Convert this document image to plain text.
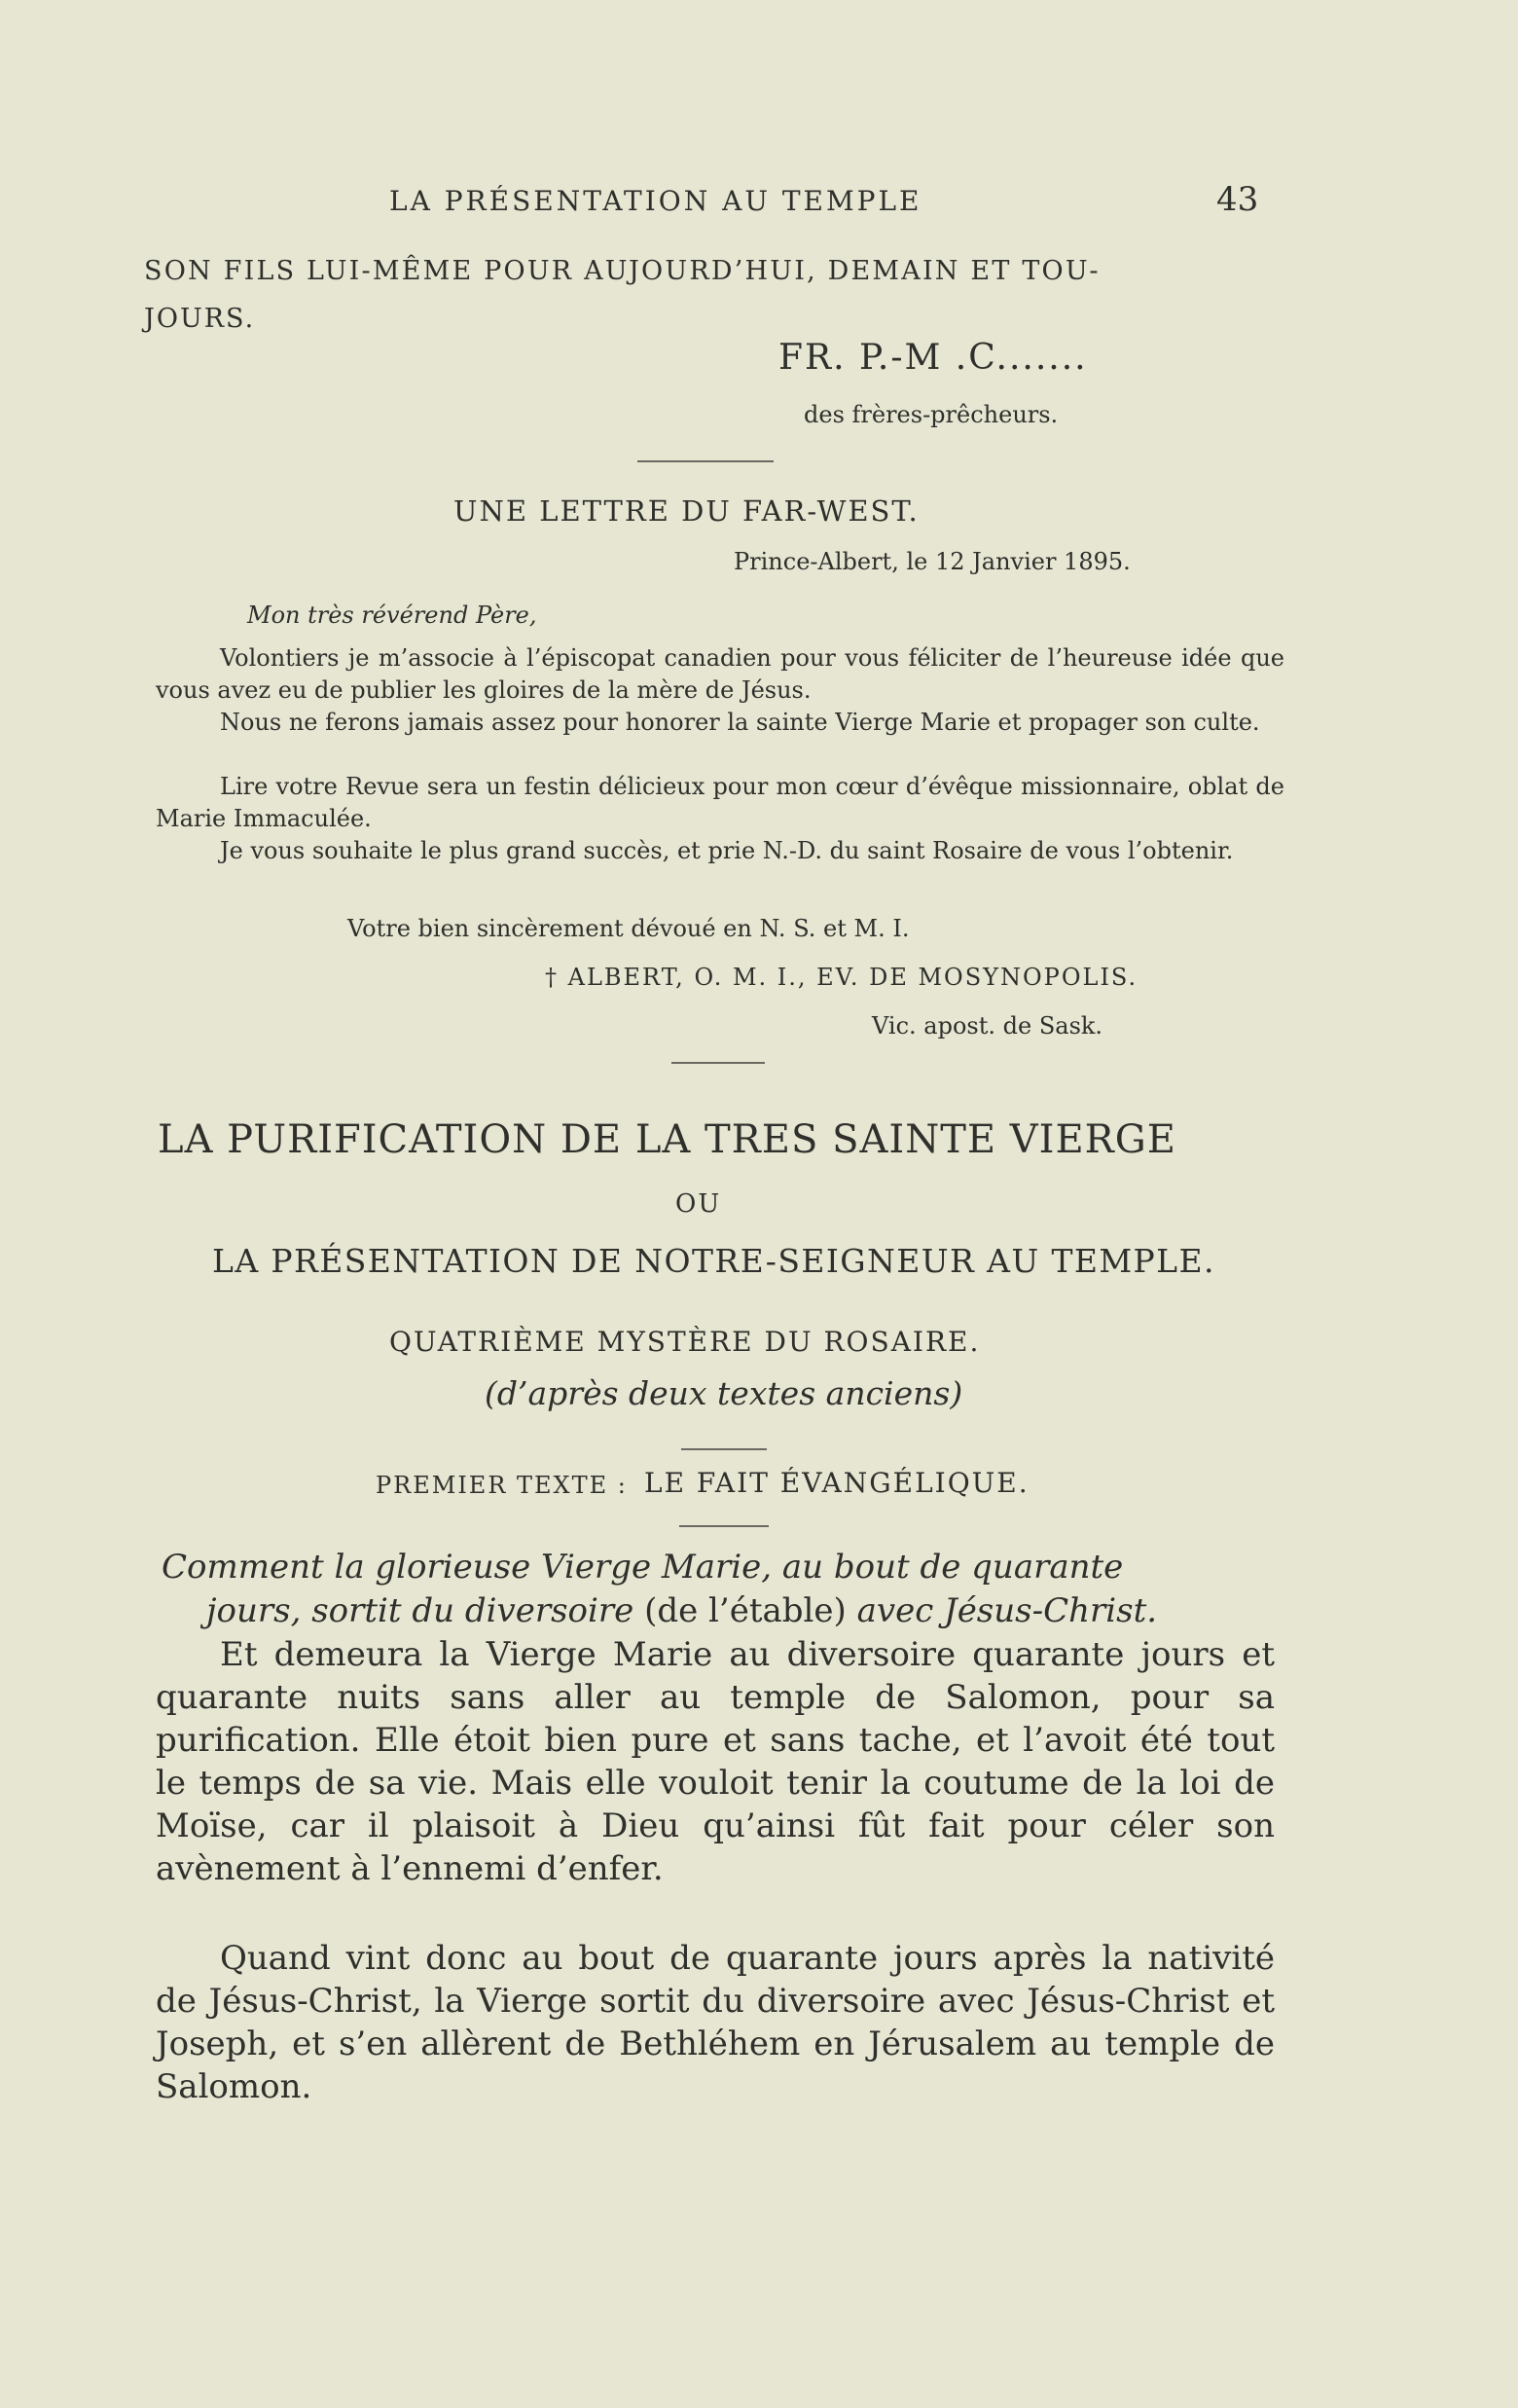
LA PRÉSENTATION AU TEMPLE	43

SON FILS LUI-MÊME POUR AUJOURD’HUI, DEMAIN ET TOU-

JOURS.

FR. P.-M .C.......

des frères-prêcheurs.

UNE LETTRE DU FAR-WEST.

Prince-Albert, le 12 Janvier 1895.

Mon très révérend Père,

Volontiers je m’associe à l’épiscopat canadien pour vous féliciter de l’heureuse idée que vous avez eu de publier les gloires de la mère de Jésus.

Nous ne ferons jamais assez pour honorer la sainte Vierge Marie et propager son culte.

Lire votre Revue sera un festin délicieux pour mon cœur d’évêque missionnaire, oblat de Marie Immaculée.

Je vous souhaite le plus grand succès, et prie N.-D. du saint Rosaire de vous l’obtenir.

Votre bien sincèrement dévoué en N. S. et M. I.

† ALBERT, O. M. I., EV. DE MOSYNOPOLIS.

Vic. apost. de Sask.

LA PURIFICATION DE LA TRES SAINTE VIERGE

OU

LA PRÉSENTATION DE NOTRE-SEIGNEUR AU TEMPLE.

QUATRIÈME MYSTÈRE DU ROSAIRE.

(d’après deux textes anciens)

PREMIER TEXTE : LE FAIT ÉVANGÉLIQUE.

Comment la glorieuse Vierge Marie, au bout de quarante

jours, sortit du diversoire (de l’étable) avec Jésus-Christ.

Et demeura la Vierge Marie au diversoire quarante jours et quarante nuits sans aller au temple de Salomon, pour sa purification. Elle étoit bien pure et sans tache, et l’avoit été tout le temps de sa vie. Mais elle vouloit tenir la coutume de la loi de Moïse, car il plaisoit à Dieu qu’ainsi fût fait pour céler son avènement à l’ennemi d’enfer.

Quand vint donc au bout de quarante jours après la nativité de Jésus-Christ, la Vierge sortit du diversoire avec Jésus-Christ et Joseph, et s’en allèrent de Bethléhem en Jérusalem au temple de Salomon.
